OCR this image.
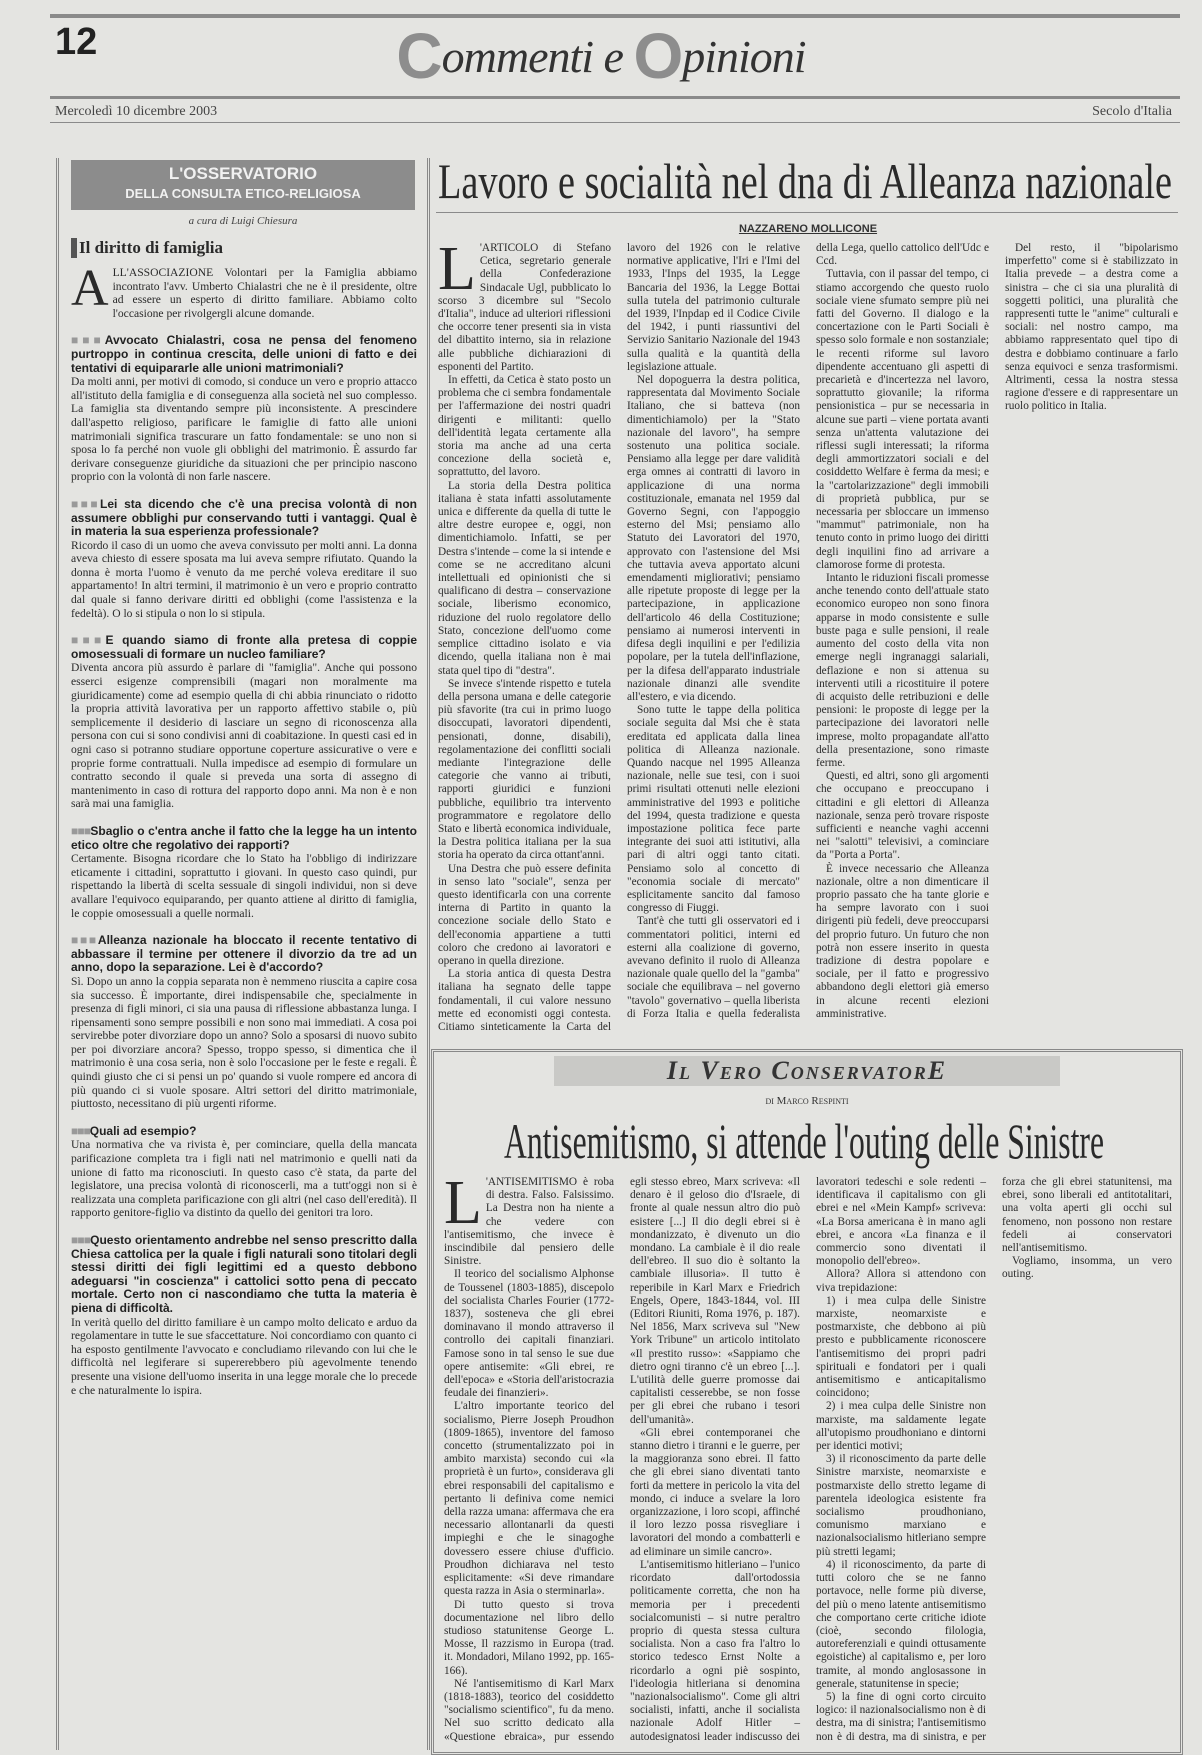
12	Commenti e Opinioni
Mercoledì 10 dicembre 2003	Secolo d'Italia
L'OSSERVATORIO
DELLA CONSULTA ETICO-RELIGIOSA
a cura di Luigi Chiesura
Il diritto di famiglia

ALL'ASSOCIAZIONE Volontari per la Famiglia abbiamo incontrato l'avv. Umberto Chialastri che ne è il presidente, oltre ad essere un esperto di diritto familiare. Abbiamo colto l'occasione per rivolgergli alcune domande.

■■■ Avvocato Chialastri, cosa ne pensa del fenomeno purtroppo in continua crescita, delle unioni di fatto e dei tentativi di equipararle alle unioni matrimoniali?

Da molti anni, per motivi di comodo, si conduce un vero e proprio attacco all'istituto della famiglia e di conseguenza alla società nel suo complesso. La famiglia sta diventando sempre più inconsistente. A prescindere dall'aspetto religioso, parificare le famiglie di fatto alle unioni matrimoniali significa trascurare un fatto fondamentale: se uno non si sposa lo fa perché non vuole gli obblighi del matrimonio. È assurdo far derivare conseguenze giuridiche da situazioni che per principio nascono proprio con la volontà di non farle nascere.

■■■ Lei sta dicendo che c'è una precisa volontà di non assumere obblighi pur conservando tutti i vantaggi. Qual è in materia la sua esperienza professionale?

Ricordo il caso di un uomo che aveva convissuto per molti anni. La donna aveva chiesto di essere sposata ma lui aveva sempre rifiutato. Quando la donna è morta l'uomo è venuto da me perché voleva ereditare il suo appartamento! In altri termini, il matrimonio è un vero e proprio contratto dal quale si fanno derivare diritti ed obblighi (come l'assistenza e la fedeltà). O lo si stipula o non lo si stipula.

■■■ E quando siamo di fronte alla pretesa di coppie omosessuali di formare un nucleo familiare?

Diventa ancora più assurdo è parlare di "famiglia". Anche qui possono esserci esigenze comprensibili (magari non moralmente ma giuridicamente) come ad esempio quella di chi abbia rinunciato o ridotto la propria attività lavorativa per un rapporto affettivo stabile o, più semplicemente il desiderio di lasciare un segno di riconoscenza alla persona con cui si sono condivisi anni di coabitazione. In questi casi ed in ogni caso si potranno studiare opportune coperture assicurative o vere e proprie forme contrattuali. Nulla impedisce ad esempio di formulare un contratto secondo il quale si preveda una sorta di assegno di mantenimento in caso di rottura del rapporto dopo anni. Ma non è e non sarà mai una famiglia.

■■■ Sbaglio o c'entra anche il fatto che la legge ha un intento etico oltre che regolativo dei rapporti?

Certamente. Bisogna ricordare che lo Stato ha l'obbligo di indirizzare eticamente i cittadini, soprattutto i giovani. In questo caso quindi, pur rispettando la libertà di scelta sessuale di singoli individui, non si deve avallare l'equivoco equiparando, per quanto attiene al diritto di famiglia, le coppie omosessuali a quelle normali.

■■■ Alleanza nazionale ha bloccato il recente tentativo di abbassare il termine per ottenere il divorzio da tre ad un anno, dopo la separazione. Lei è d'accordo?

Sì. Dopo un anno la coppia separata non è nemmeno riuscita a capire cosa sia successo. È importante, direi indispensabile che, specialmente in presenza di figli minori, ci sia una pausa di riflessione abbastanza lunga. I ripensamenti sono sempre possibili e non sono mai immediati. A cosa poi servirebbe poter divorziare dopo un anno? Solo a sposarsi di nuovo subito per poi divorziare ancora? Spesso, troppo spesso, si dimentica che il matrimonio è una cosa seria, non è solo l'occasione per le feste e regali. È quindi giusto che ci si pensi un po' quando si vuole rompere ed ancora di più quando ci si vuole sposare. Altri settori del diritto matrimoniale, piuttosto, necessitano di più urgenti riforme.

■■■ Quali ad esempio?

Una normativa che va rivista è, per cominciare, quella della mancata parificazione completa tra i figli nati nel matrimonio e quelli nati da unione di fatto ma riconosciuti. In questo caso c'è stata, da parte del legislatore, una precisa volontà di riconoscerli, ma a tutt'oggi non si è realizzata una completa parificazione con gli altri (nel caso dell'eredità). Il rapporto genitore-figlio va distinto da quello dei genitori tra loro.

■■■ Questo orientamento andrebbe nel senso prescritto dalla Chiesa cattolica per la quale i figli naturali sono titolari degli stessi diritti dei figli legittimi ed a questo debbono adeguarsi "in coscienza" i cattolici sotto pena di peccato mortale. Certo non ci nascondiamo che tutta la materia è piena di difficoltà.

In verità quello del diritto familiare è un campo molto delicato e arduo da regolamentare in tutte le sue sfaccettature. Noi concordiamo con quanto ci ha esposto gentilmente l'avvocato e concludiamo rilevando con lui che le difficoltà nel legiferare si supererebbero più agevolmente tenendo presente una visione dell'uomo inserita in una legge morale che lo precede e che naturalmente lo ispira.

Lavoro e socialità nel dna di Alleanza nazionale
NAZZARENO MOLLICONE

L 'ARTICOLO di Stefano Cetica, segretario generale della Confederazione Sindacale Ugl, pubblicato lo scorso 3 dicembre sul "Secolo d'Italia", induce ad ulteriori riflessioni che occorre tener presenti sia in vista del dibattito interno, sia in relazione alle pubbliche dichiarazioni di esponenti del Partito.

In effetti, da Cetica è stato posto un problema che ci sembra fondamentale per l'affermazione dei nostri quadri dirigenti e militanti: quello dell'identità legata certamente alla storia ma anche ad una certa concezione della società e, soprattutto, del lavoro.

La storia della Destra politica italiana è stata infatti assolutamente unica e differente da quella di tutte le altre destre europee e, oggi, non dimentichiamolo. Infatti, se per Destra s'intende – come la si intende e come se ne accreditano alcuni intellettuali ed opinionisti che si qualificano di destra – conservazione sociale, liberismo economico, riduzione del ruolo regolatore dello Stato, concezione dell'uomo come semplice cittadino isolato e via dicendo, quella italiana non è mai stata quel tipo di "destra".

Se invece s'intende rispetto e tutela della persona umana e delle categorie più sfavorite (tra cui in primo luogo disoccupati, lavoratori dipendenti, pensionati, donne, disabili), regolamentazione dei conflitti sociali mediante l'integrazione delle categorie che vanno ai tributi, rapporti giuridici e funzioni pubbliche, equilibrio tra intervento programmatore e regolatore dello Stato e libertà economica individuale, la Destra politica italiana per la sua storia ha operato da circa ottant'anni.

Una Destra che può essere definita in senso lato "sociale", senza per questo identificarla con una corrente interna di Partito in quanto la concezione sociale dello Stato e dell'economia appartiene a tutti coloro che credono ai lavoratori e operano in quella direzione.

La storia antica di questa Destra italiana ha segnato delle tappe fondamentali, il cui valore nessuno mette ed economisti oggi contesta. Citiamo sinteticamente la Carta del lavoro del 1926 con le relative normative applicative, l'Iri e l'Imi del 1933, l'Inps del 1935, la Legge Bancaria del 1936, la Legge Bottai sulla tutela del patrimonio culturale del 1939, l'Inpdap ed il Codice Civile del 1942, i punti riassuntivi del Servizio Sanitario Nazionale del 1943 sulla qualità e la quantità della legislazione attuale.

Nel dopoguerra la destra politica, rappresentata dal Movimento Sociale Italiano, che si batteva (non dimentichiamolo) per la "Stato nazionale del lavoro", ha sempre sostenuto una politica sociale. Pensiamo alla legge per dare validità erga omnes ai contratti di lavoro in applicazione di una norma costituzionale, emanata nel 1959 dal Governo Segni, con l'appoggio esterno del Msi; pensiamo allo Statuto dei Lavoratori del 1970, approvato con l'astensione del Msi che tuttavia aveva apportato alcuni emendamenti migliorativi; pensiamo alle ripetute proposte di legge per la partecipazione, in applicazione dell'articolo 46 della Costituzione; pensiamo ai numerosi interventi in difesa degli inquilini e per l'edilizia popolare, per la tutela dell'inflazione, per la difesa dell'apparato industriale nazionale dinanzi alle svendite all'estero, e via dicendo.

Sono tutte le tappe della politica sociale seguita dal Msi che è stata ereditata ed applicata dalla linea politica di Alleanza nazionale. Quando nacque nel 1995 Alleanza nazionale, nelle sue tesi, con i suoi primi risultati ottenuti nelle elezioni amministrative del 1993 e politiche del 1994, questa tradizione e questa impostazione politica fece parte integrante dei suoi atti istitutivi, alla pari di altri oggi tanto citati. Pensiamo solo al concetto di "economia sociale di mercato" esplicitamente sancito dal famoso congresso di Fiuggi.

Tant'è che tutti gli osservatori ed i commentatori politici, interni ed esterni alla coalizione di governo, avevano definito il ruolo di Alleanza nazionale quale quello del la "gamba" sociale che equilibrava – nel governo "tavolo" governativo – quella liberista di Forza Italia e quella federalista della Lega, quello cattolico dell'Udc e Ccd.

Tuttavia, con il passar del tempo, ci stiamo accorgendo che questo ruolo sociale viene sfumato sempre più nei fatti del Governo. Il dialogo e la concertazione con le Parti Sociali è spesso solo formale e non sostanziale; le recenti riforme sul lavoro dipendente accentuano gli aspetti di precarietà e d'incertezza nel lavoro, soprattutto giovanile; la riforma pensionistica – pur se necessaria in alcune sue parti – viene portata avanti senza un'attenta valutazione dei riflessi sugli interessati; la riforma degli ammortizzatori sociali e del cosiddetto Welfare è ferma da mesi; e la "cartolarizzazione" degli immobili di proprietà pubblica, pur se necessaria per sbloccare un immenso "mammut" patrimoniale, non ha tenuto conto in primo luogo dei diritti degli inquilini fino ad arrivare a clamorose forme di protesta.

Intanto le riduzioni fiscali promesse anche tenendo conto dell'attuale stato economico europeo non sono finora apparse in modo consistente e sulle buste paga e sulle pensioni, il reale aumento del costo della vita non emerge negli ingranaggi salariali, deflazione e non si attenua su interventi utili a ricostituire il potere di acquisto delle retribuzioni e delle pensioni: le proposte di legge per la partecipazione dei lavoratori nelle imprese, molto propagandate all'atto della presentazione, sono rimaste ferme.

Questi, ed altri, sono gli argomenti che occupano e preoccupano i cittadini e gli elettori di Alleanza nazionale, senza però trovare risposte sufficienti e neanche vaghi accenni nei "salotti" televisivi, a cominciare da "Porta a Porta".

È invece necessario che Alleanza nazionale, oltre a non dimenticare il proprio passato che ha tante glorie e ha sempre lavorato con i suoi dirigenti più fedeli, deve preoccuparsi del proprio futuro. Un futuro che non potrà non essere inserito in questa tradizione di destra popolare e sociale, per il fatto e progressivo abbandono degli elettori già emerso in alcune recenti elezioni amministrative.

Del resto, il "bipolarismo imperfetto" come si è stabilizzato in Italia prevede – a destra come a sinistra – che ci sia una pluralità di soggetti politici, una pluralità che rappresenti tutte le "anime" culturali e sociali: nel nostro campo, ma abbiamo rappresentato quel tipo di destra e dobbiamo continuare a farlo senza equivoci e senza trasformismi. Altrimenti, cessa la nostra stessa ragione d'essere e di rappresentare un ruolo politico in Italia.

Il Vero ConservatorE
di Marco Respinti
Antisemitismo, si attende l'outing delle Sinistre

L 'ANTISEMITISMO è roba di destra. Falso. Falsissimo. La Destra non ha niente a che vedere con l'antisemitismo, che invece è inscindibile dal pensiero delle Sinistre.

Il teorico del socialismo Alphonse de Toussenel (1803-1885), discepolo del socialista Charles Fourier (1772-1837), sosteneva che gli ebrei dominavano il mondo attraverso il controllo dei capitali finanziari. Famose sono in tal senso le sue due opere antisemite: «Gli ebrei, re dell'epoca» e «Storia dell'aristocrazia feudale dei finanzieri».

L'altro importante teorico del socialismo, Pierre Joseph Proudhon (1809-1865), inventore del famoso concetto (strumentalizzato poi in ambito marxista) secondo cui «la proprietà è un furto», considerava gli ebrei responsabili del capitalismo e pertanto li definiva come nemici della razza umana: affermava che era necessario allontanarli da questi impieghi e che le sinagoghe dovessero essere chiuse d'ufficio. Proudhon dichiarava nel testo esplicitamente: «Si deve rimandare questa razza in Asia o sterminarla».

Di tutto questo si trova documentazione nel libro dello studioso statunitense George L. Mosse, Il razzismo in Europa (trad. it. Mondadori, Milano 1992, pp. 165-166).

Né l'antisemitismo di Karl Marx (1818-1883), teorico del cosiddetto "socialismo scientifico", fu da meno. Nel suo scritto dedicato alla «Questione ebraica», pur essendo egli stesso ebreo, Marx scriveva: «Il denaro è il geloso dio d'Israele, di fronte al quale nessun altro dio può esistere [...] Il dio degli ebrei si è mondanizzato, è divenuto un dio mondano. La cambiale è il dio reale dell'ebreo. Il suo dio è soltanto la cambiale illusoria». Il tutto è reperibile in Karl Marx e Friedrich Engels, Opere, 1843-1844, vol. III (Editori Riuniti, Roma 1976, p. 187). Nel 1856, Marx scriveva sul "New York Tribune" un articolo intitolato «Il prestito russo»: «Sappiamo che dietro ogni tiranno c'è un ebreo [...]. L'utilità delle guerre promosse dai capitalisti cesserebbe, se non fosse per gli ebrei che rubano i tesori dell'umanità».

«Gli ebrei contemporanei che stanno dietro i tiranni e le guerre, per la maggioranza sono ebrei. Il fatto che gli ebrei siano diventati tanto forti da mettere in pericolo la vita del mondo, ci induce a svelare la loro organizzazione, i loro scopi, affinché il loro lezzo possa risvegliare i lavoratori del mondo a combatterli e ad eliminare un simile cancro».

L'antisemitismo hitleriano – l'unico ricordato dall'ortodossia politicamente corretta, che non ha memoria per i precedenti socialcomunisti – si nutre peraltro proprio di questa stessa cultura socialista. Non a caso fra l'altro lo storico tedesco Ernst Nolte a ricordarlo a ogni piè sospinto, l'ideologia hitleriana si denomina "nazionalsocialismo". Come gli altri socialisti, infatti, anche il socialista nazionale Adolf Hitler – autodesignatosi leader indiscusso dei lavoratori tedeschi e sole redenti – identificava il capitalismo con gli ebrei e nel «Mein Kampf» scriveva: «La Borsa americana è in mano agli ebrei, e ancora «La finanza e il commercio sono diventati il monopolio dell'ebreo».

Allora? Allora si attendono con viva trepidazione:

1) i mea culpa delle Sinistre marxiste, neomarxiste e postmarxiste, che debbono ai più presto e pubblicamente riconoscere l'antisemitismo dei propri padri spirituali e fondatori per i quali antisemitismo e anticapitalismo coincidono;

2) i mea culpa delle Sinistre non marxiste, ma saldamente legate all'utopismo proudhoniano e dintorni per identici motivi;

3) il riconoscimento da parte delle Sinistre marxiste, neomarxiste e postmarxiste dello stretto legame di parentela ideologica esistente fra socialismo proudhoniano, comunismo marxiano e nazionalsocialismo hitleriano sempre più stretti legami;

4) il riconoscimento, da parte di tutti coloro che se ne fanno portavoce, nelle forme più diverse, del più o meno latente antisemitismo che comportano certe critiche idiote (cioè, secondo filologia, autoreferenziali e quindi ottusamente egoistiche) al capitalismo e, per loro tramite, al mondo anglosassone in generale, statunitense in specie;

5) la fine di ogni corto circuito logico: il nazionalsocialismo non è di destra, ma di sinistra; l'antisemitismo non è di destra, ma di sinistra, e per forza che gli ebrei statunitensi, ma ebrei, sono liberali ed antitotalitari, una volta aperti gli occhi sul fenomeno, non possono non restare fedeli ai conservatori nell'antisemitismo.

Vogliamo, insomma, un vero outing.
